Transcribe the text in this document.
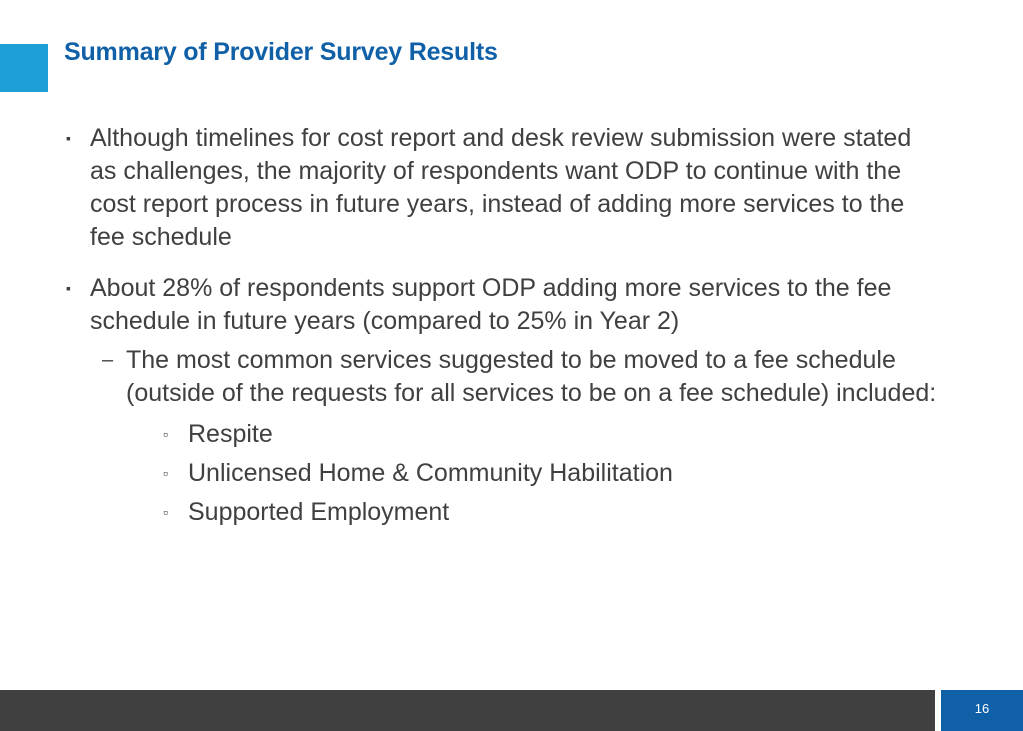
Summary of Provider Survey Results
▪ Although timelines for cost report and desk review submission were stated as challenges, the majority of respondents want ODP to continue with the cost report process in future years, instead of adding more services to the fee schedule
▪ About 28% of respondents support ODP adding more services to the fee schedule in future years (compared to 25% in Year 2)
– The most common services suggested to be moved to a fee schedule (outside of the requests for all services to be on a fee schedule) included:
▫ Respite
▫ Unlicensed Home & Community Habilitation
▫ Supported Employment
16
